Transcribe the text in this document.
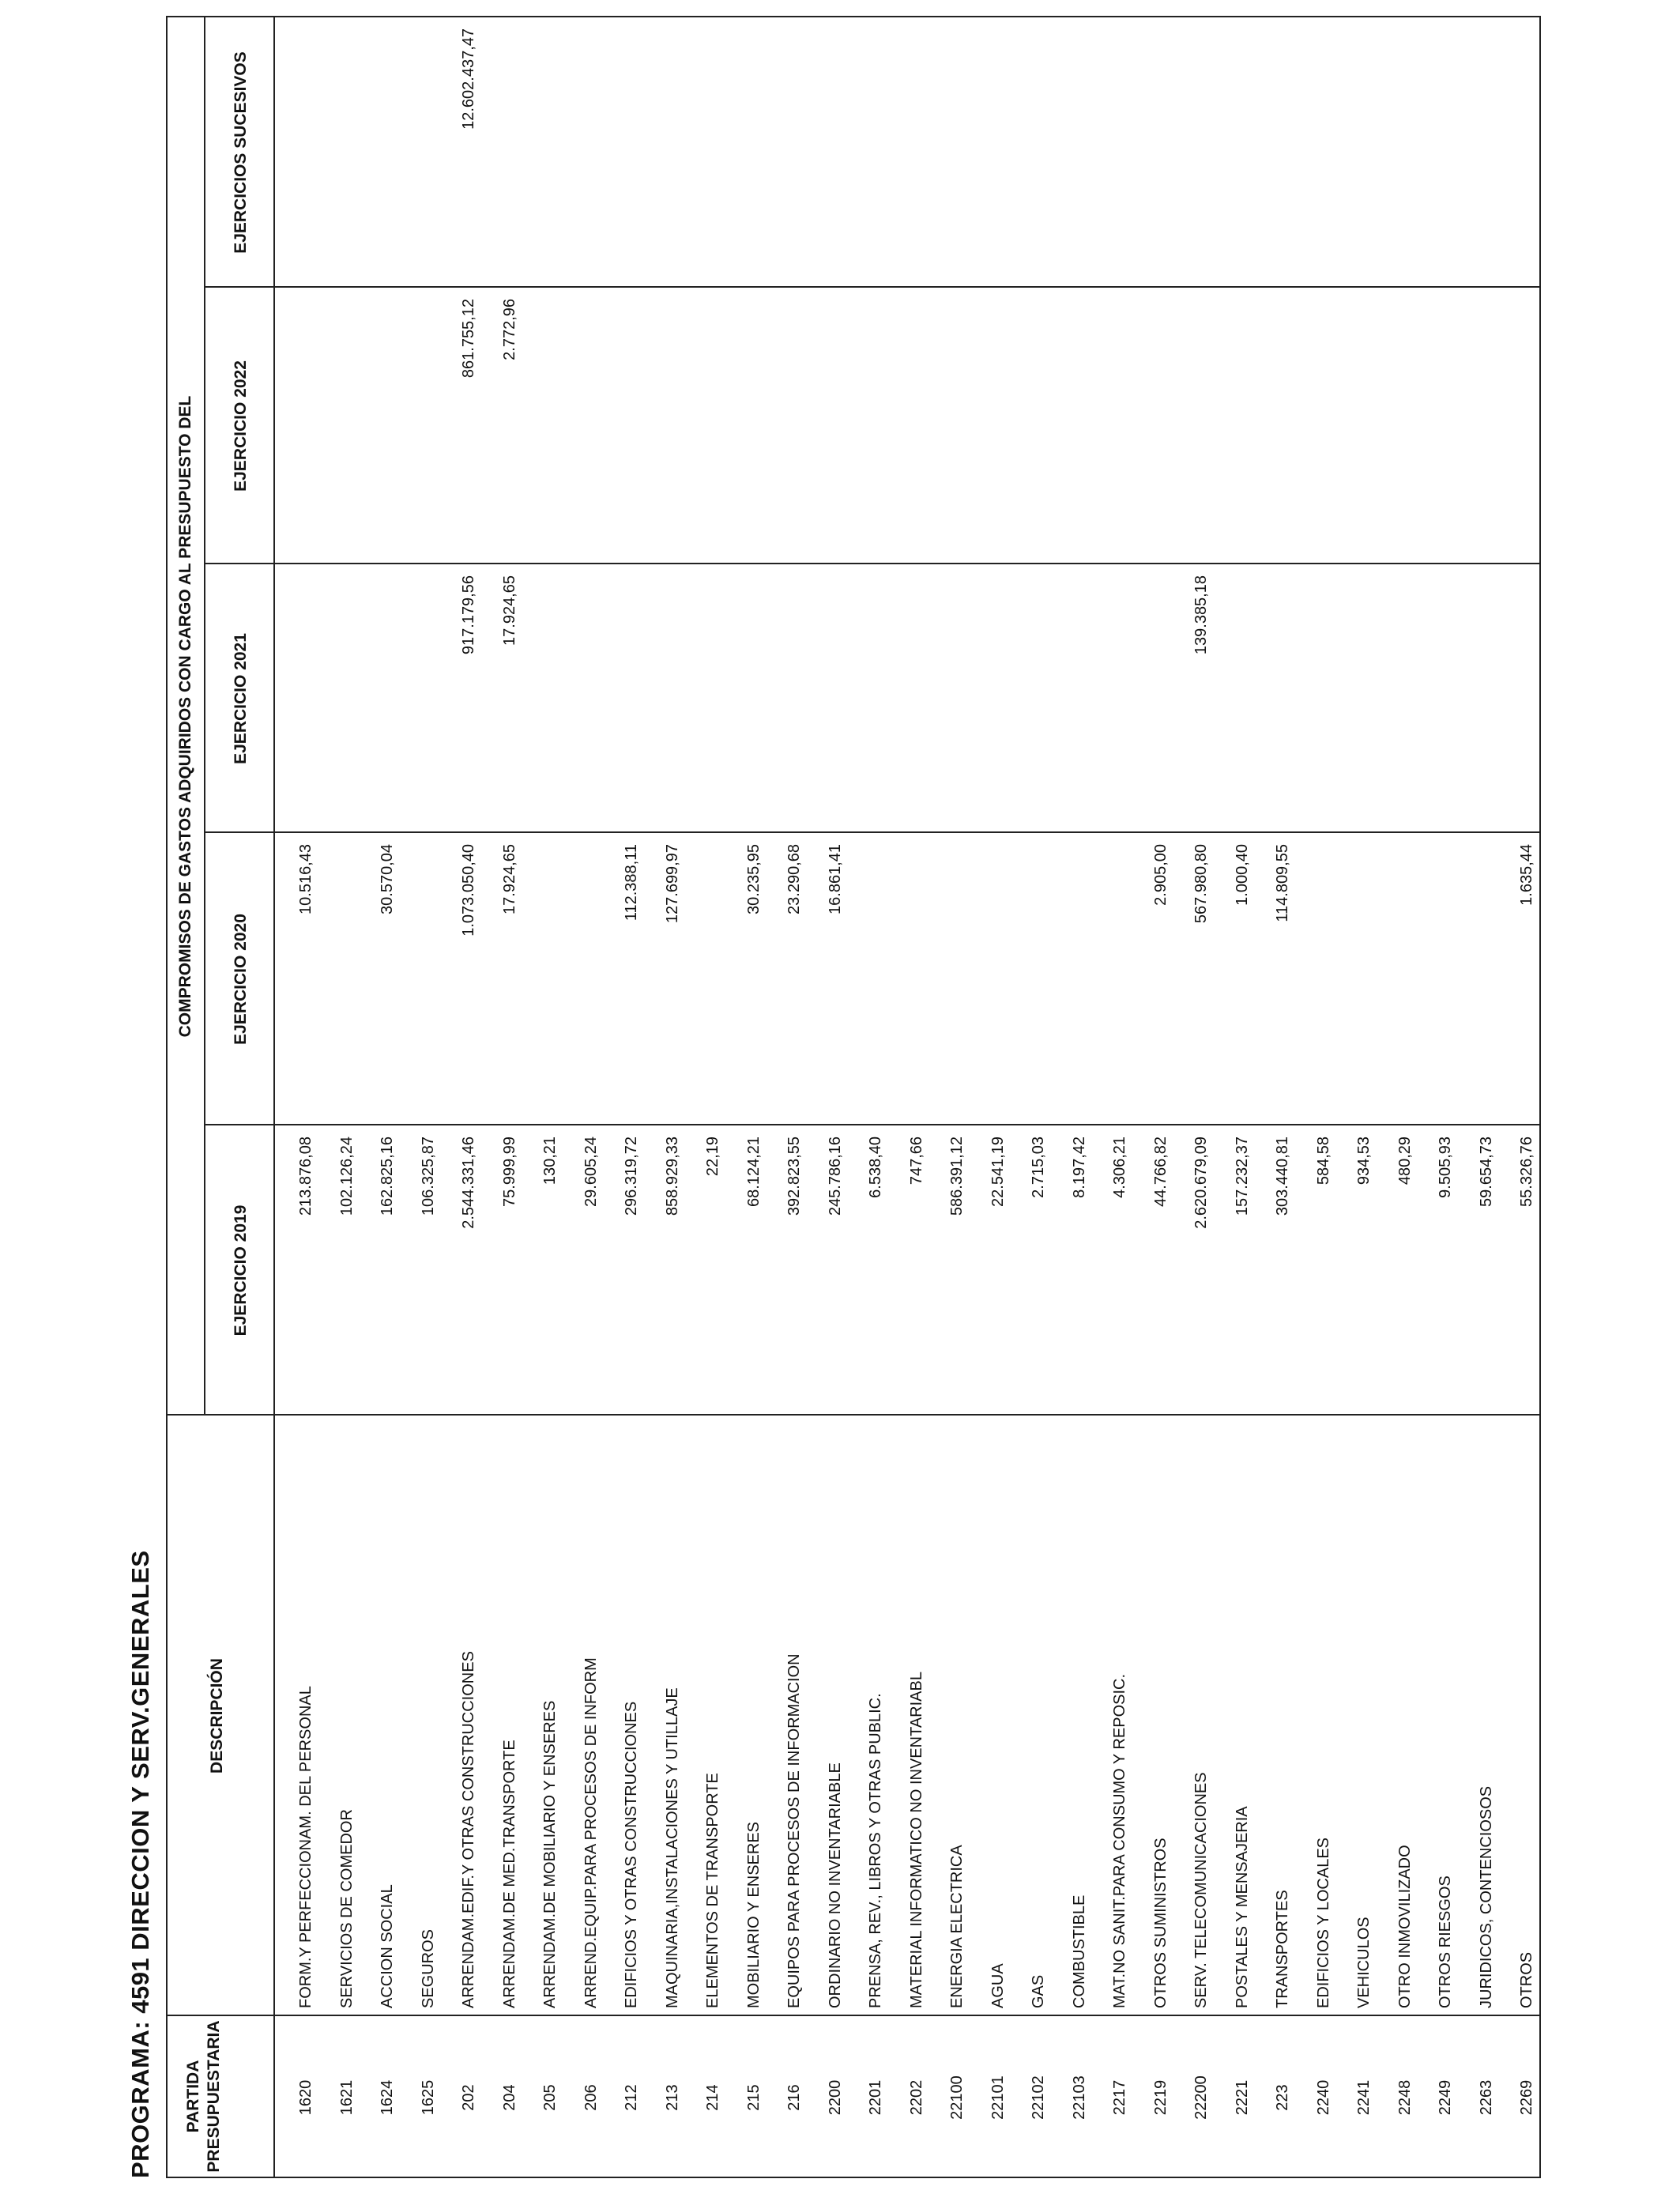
PROGRAMA: 4591 DIRECCION Y SERV.GENERALES PARTIDA
PRESUPUESTARIA
DESCRIPCIÓN
COMPROMISOS DE GASTOS ADQUIRIDOS CON CARGO AL PRESUPUESTO DEL
EJERCICIO 2019
EJERCICIO 2020
EJERCICIO 2021
EJERCICIO 2022
EJERCICIOS SUCESIVOS
1620
FORM.Y PERFECCIONAM. DEL PERSONAL
213.876,08
10.516,43
1621
SERVICIOS DE COMEDOR
102.126,24
1624
ACCION SOCIAL
162.825,16
30.570,04
1625
SEGUROS
106.325,87
202
ARRENDAM.EDIF.Y OTRAS CONSTRUCCIONES
2.544.331,46
1.073.050,40
917.179,56
861.755,12
12.602.437,47
204
ARRENDAM.DE MED.TRANSPORTE
75.999,99
17.924,65
17.924,65
2.772,96
205
ARRENDAM.DE MOBILIARIO Y ENSERES
130,21
206
ARREND.EQUIP.PARA PROCESOS DE INFORM
29.605,24
212
EDIFICIOS Y OTRAS CONSTRUCCIONES
296.319,72
112.388,11
213
MAQUINARIA,INSTALACIONES Y UTILLAJE
858.929,33
127.699,97
214
ELEMENTOS DE TRANSPORTE
22,19
215
MOBILIARIO Y ENSERES
68.124,21
30.235,95
216
EQUIPOS PARA PROCESOS DE INFORMACION
392.823,55
23.290,68
2200
ORDINARIO NO INVENTARIABLE
245.786,16
16.861,41
2201
PRENSA, REV., LIBROS Y OTRAS PUBLIC.
6.538,40
2202
MATERIAL INFORMATICO NO INVENTARIABL
747,66
22100
ENERGIA ELECTRICA
586.391,12
22101
AGUA
22.541,19
22102
GAS
2.715,03
22103
COMBUSTIBLE
8.197,42
2217
MAT.NO SANIT.PARA CONSUMO Y REPOSIC.
4.306,21
2219
OTROS SUMINISTROS
44.766,82
2.905,00
22200
SERV. TELECOMUNICACIONES
2.620.679,09
567.980,80
139.385,18
2221
POSTALES Y MENSAJERIA
157.232,37
1.000,40
223
TRANSPORTES
303.440,81
114.809,55
2240
EDIFICIOS Y LOCALES
584,58
2241
VEHICULOS
934,53
2248
OTRO INMOVILIZADO
480,29
2249
OTROS RIESGOS
9.505,93
2263
JURIDICOS, CONTENCIOSOS
59.654,73
2269
OTROS
55.326,76
1.635,44
